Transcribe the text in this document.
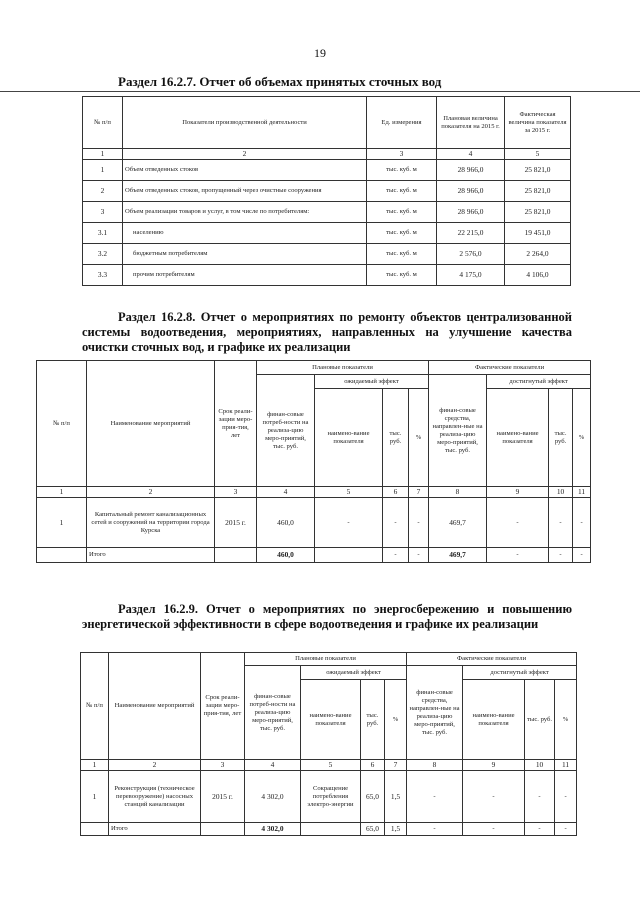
19
Раздел 16.2.7. Отчет об объемах принятых сточных вод
№ п/п	Показатели производственной деятельности	Ед. измерения	Плановая величина показателя на 2015 г.	Фактическая величина показателя за 2015 г.
1	2	3	4	5
1	Объем отведенных стоков	тыс. куб. м	28 966,0	25 821,0
2	Объем отведенных стоков, пропущенный через очистные сооружения	тыс. куб. м	28 966,0	25 821,0
3	Объем реализации товаров и услуг, в том числе по потребителям:	тыс. куб. м	28 966,0	25 821,0
3.1	населению	тыс. куб. м	22 215,0	19 451,0
3.2	бюджетным потребителям	тыс. куб. м	2 576,0	2 264,0
3.3	прочим потребителям	тыс. куб. м	4 175,0	4 106,0
Раздел 16.2.8. Отчет о мероприятиях по ремонту объектов централизованной системы водоотведения, мероприятиях, направленных на улучшение качества очистки сточных вод, и графике их реализации
№ п/п	Наименование мероприятий	Срок реали-зации меро-прия-тия, лет	Плановые показатели				Фактические показатели			
			финан-совые потреб-ности на реализа-цию меро-приятий, тыс. руб.	ожидаемый эффект			финан-совые средства, направлен-ные на реализа-цию меро-приятий, тыс. руб.	достигнутый эффект		
				наимено-вание показателя	тыс. руб.	%		наимено-вание показателя	тыс. руб.	%
1	2	3	4	5	6	7	8	9	10	11
1	Капитальный ремонт канализационных сетей и сооружений на территории города Курска	2015 г.	460,0	-	-	-	469,7	-	-	-
	Итого		460,0		-	-	469,7	-	-	-
Раздел 16.2.9. Отчет о мероприятиях по энергосбережению и повышению энергетической эффективности в сфере водоотведения и графике их реализации
№ п/п	Наименование мероприятий	Срок реали-зации меро-прия-тия, лет	Плановые показатели				Фактические показатели			
			финан-совые потреб-ности на реализа-цию меро-приятий, тыс. руб.	ожидаемый эффект			финан-совые средства, направлен-ные на реализа-цию меро-приятий, тыс. руб.	достигнутый эффект		
				наимено-вание показателя	тыс. руб.	%		наимено-вание показателя	тыс. руб.	%
1	2	3	4	5	6	7	8	9	10	11
1	Реконструкция (техническое перевооружение) насосных станций канализации	2015 г.	4 302,0	Сокращение потребления электро-энергии	65,0	1,5	-	-	-	-
	Итого		4 302,0		65,0	1,5	-	-	-	-
